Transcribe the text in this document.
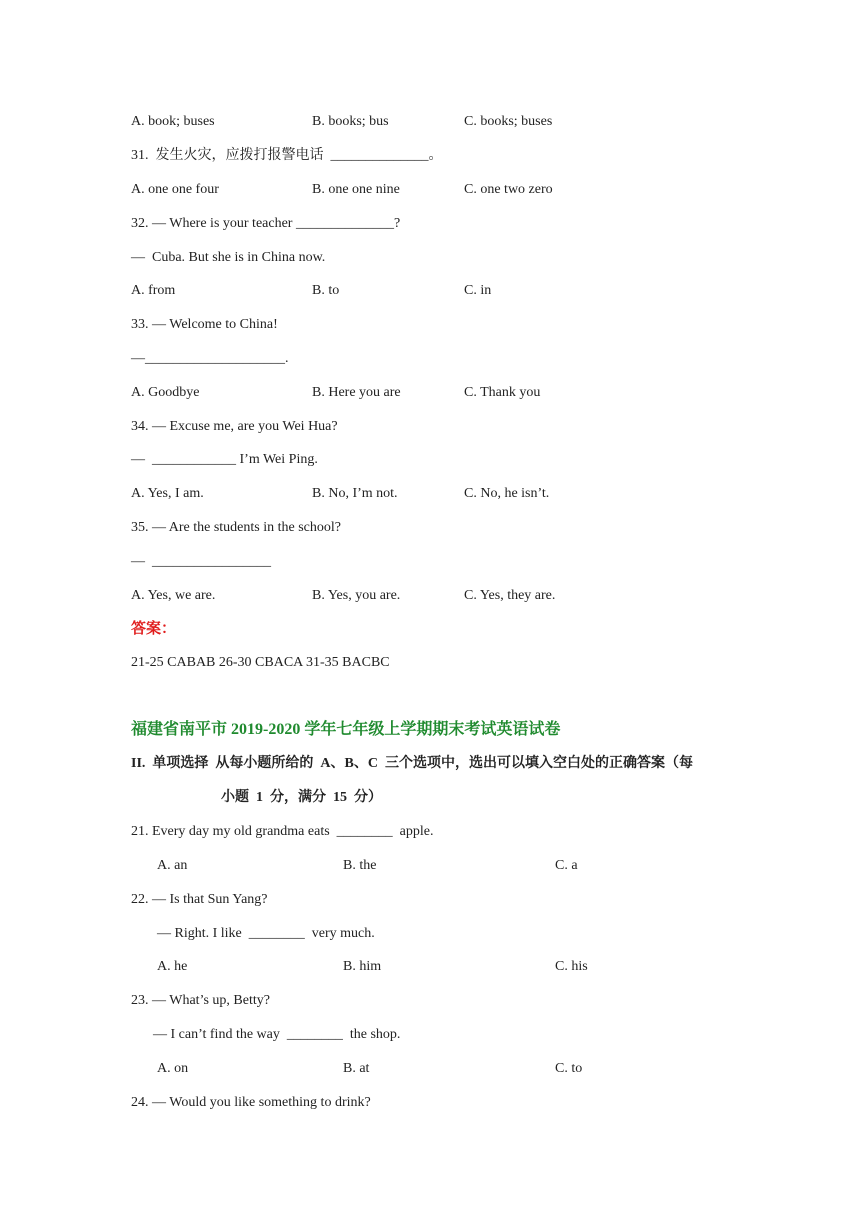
A. book; buses	B. books; bus	C. books; buses
31.  发生火灾，应拨打报警电话  ______________。
A. one one four	B. one one nine	C. one two zero
32. — Where is your teacher ______________?
—  Cuba. But she is in China now.
A. from	B. to	C. in
33. — Welcome to China!
—____________________.
A. Goodbye	B. Here you are	C. Thank you
34. — Excuse me, are you Wei Hua?
—  ____________ I’m Wei Ping.
A. Yes, I am.	B. No, I’m not.	C. No, he isn’t.
35. — Are the students in the school?
—  _________________
A. Yes, we are.	B. Yes, you are.	C. Yes, they are.
答案：
21-25 CABAB 26-30 CBACA 31-35 BACBC
福建省南平市 2019-2020 学年七年级上学期期末考试英语试卷
II.  单项选择  从每小题所给的  A、B、C  三个选项中，选出可以填入空白处的正确答案（每
小题  1  分，满分  15  分）
21. Every day my old grandma eats  ________  apple.
A. an	B. the	C. a
22. — Is that Sun Yang?
— Right. I like  ________  very much.
A. he	B. him	C. his
23. — What’s up, Betty?
— I can’t find the way  ________  the shop.
A. on	B. at	C. to
24. — Would you like something to drink?
